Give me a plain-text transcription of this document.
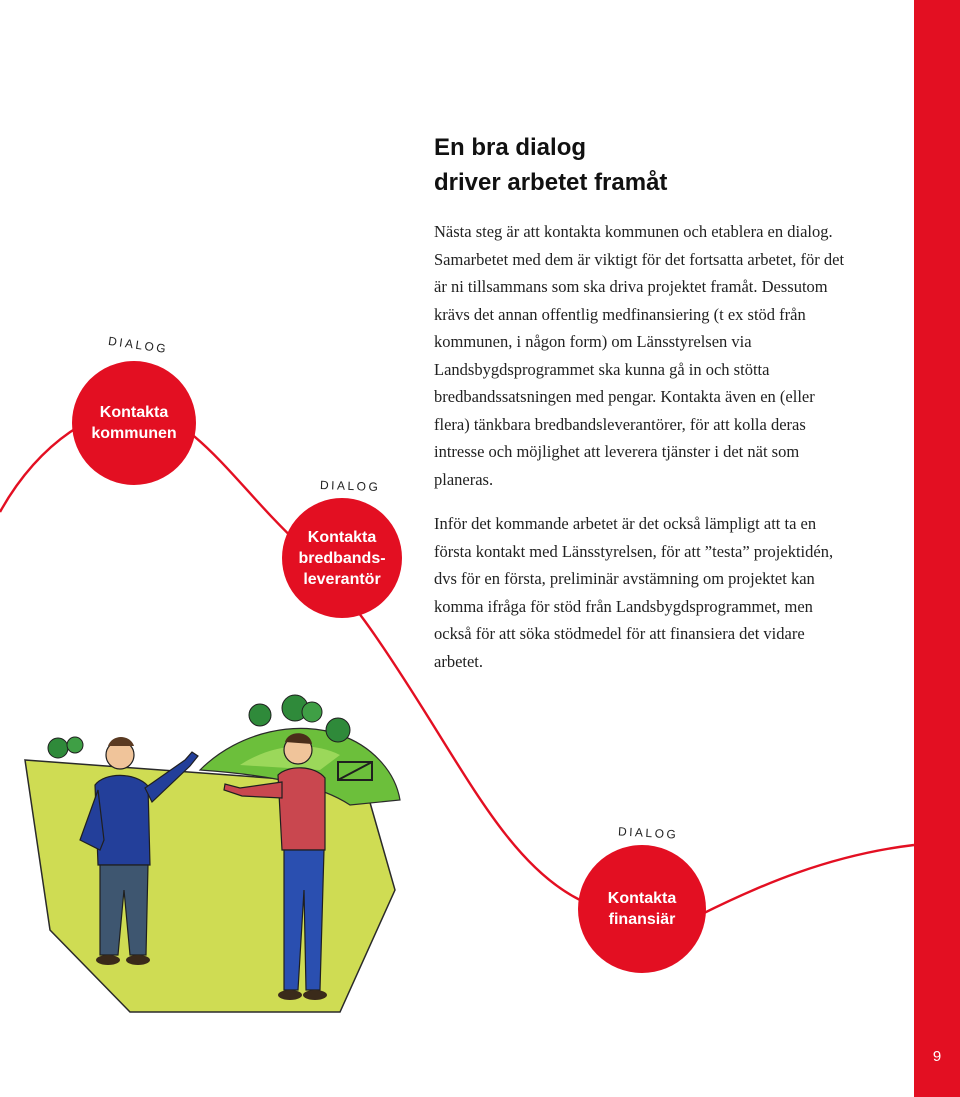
9
En bra dialog
driver arbetet framåt

Nästa steg är att kontakta kommunen och etablera en dialog. Samarbetet med dem är viktigt för det fortsatta arbetet, för det är ni tillsammans som ska driva projektet framåt. Dessutom krävs det annan offentlig medfinansiering (t ex stöd från kommunen, i någon form) om Länsstyrelsen via Landsbygdsprogrammet ska kunna gå in och stötta bredbandssatsningen med pengar. Kontakta även en (eller flera) tänkbara bredbandsleverantörer, för att kolla deras intresse och möjlighet att leverera tjänster i det nät som planeras.

Inför det kommande arbetet är det också lämpligt att ta en första kontakt med Länsstyrelsen, för att ”testa” projektidén, dvs för en första, preliminär avstämning om projektet kan komma ifråga för stöd från Landsbygdsprogrammet, men också för att söka stödmedel för att finansiera det vidare arbetet.

DIALOG
Kontakta
kommunen
DIALOG
Kontakta
bredbands-
leverantör
DIALOG
Kontakta
finansiär
